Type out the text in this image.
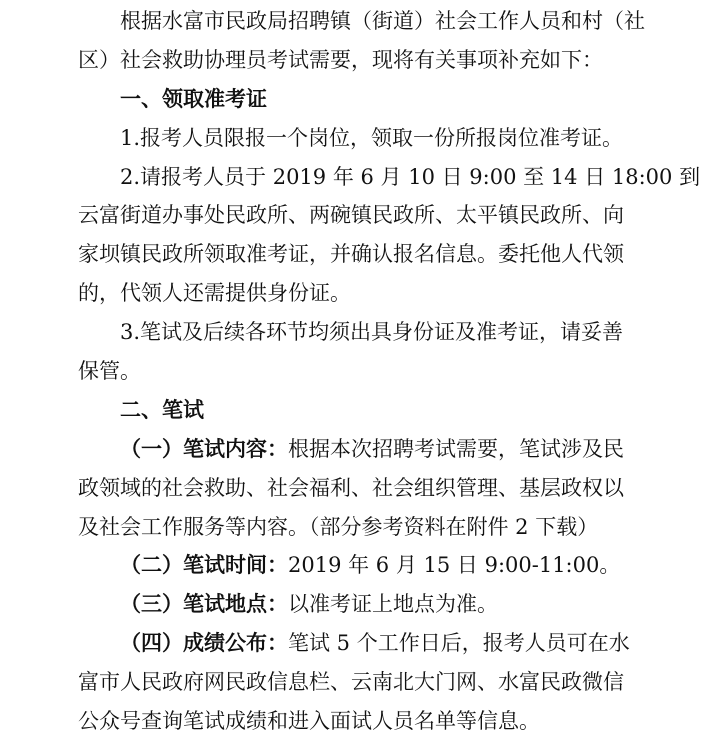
根据水富市民政局招聘镇（街道）社会工作人员和村（社
区）社会救助协理员考试需要，现将有关事项补充如下：
一、领取准考证
1.报考人员限报一个岗位，领取一份所报岗位准考证。
2.请报考人员于 2019 年 6 月 10 日 9:00 至 14 日 18:00 到
云富街道办事处民政所、两碗镇民政所、太平镇民政所、向
家坝镇民政所领取准考证，并确认报名信息。委托他人代领
的，代领人还需提供身份证。
3.笔试及后续各环节均须出具身份证及准考证，请妥善
保管。
二、笔试
（一）笔试内容：根据本次招聘考试需要，笔试涉及民
政领域的社会救助、社会福利、社会组织管理、基层政权以
及社会工作服务等内容。（部分参考资料在附件 2 下载）
（二）笔试时间：2019 年 6 月 15 日 9:00-11:00。
（三）笔试地点：以准考证上地点为准。
（四）成绩公布：笔试 5 个工作日后，报考人员可在水
富市人民政府网民政信息栏、云南北大门网、水富民政微信
公众号查询笔试成绩和进入面试人员名单等信息。
